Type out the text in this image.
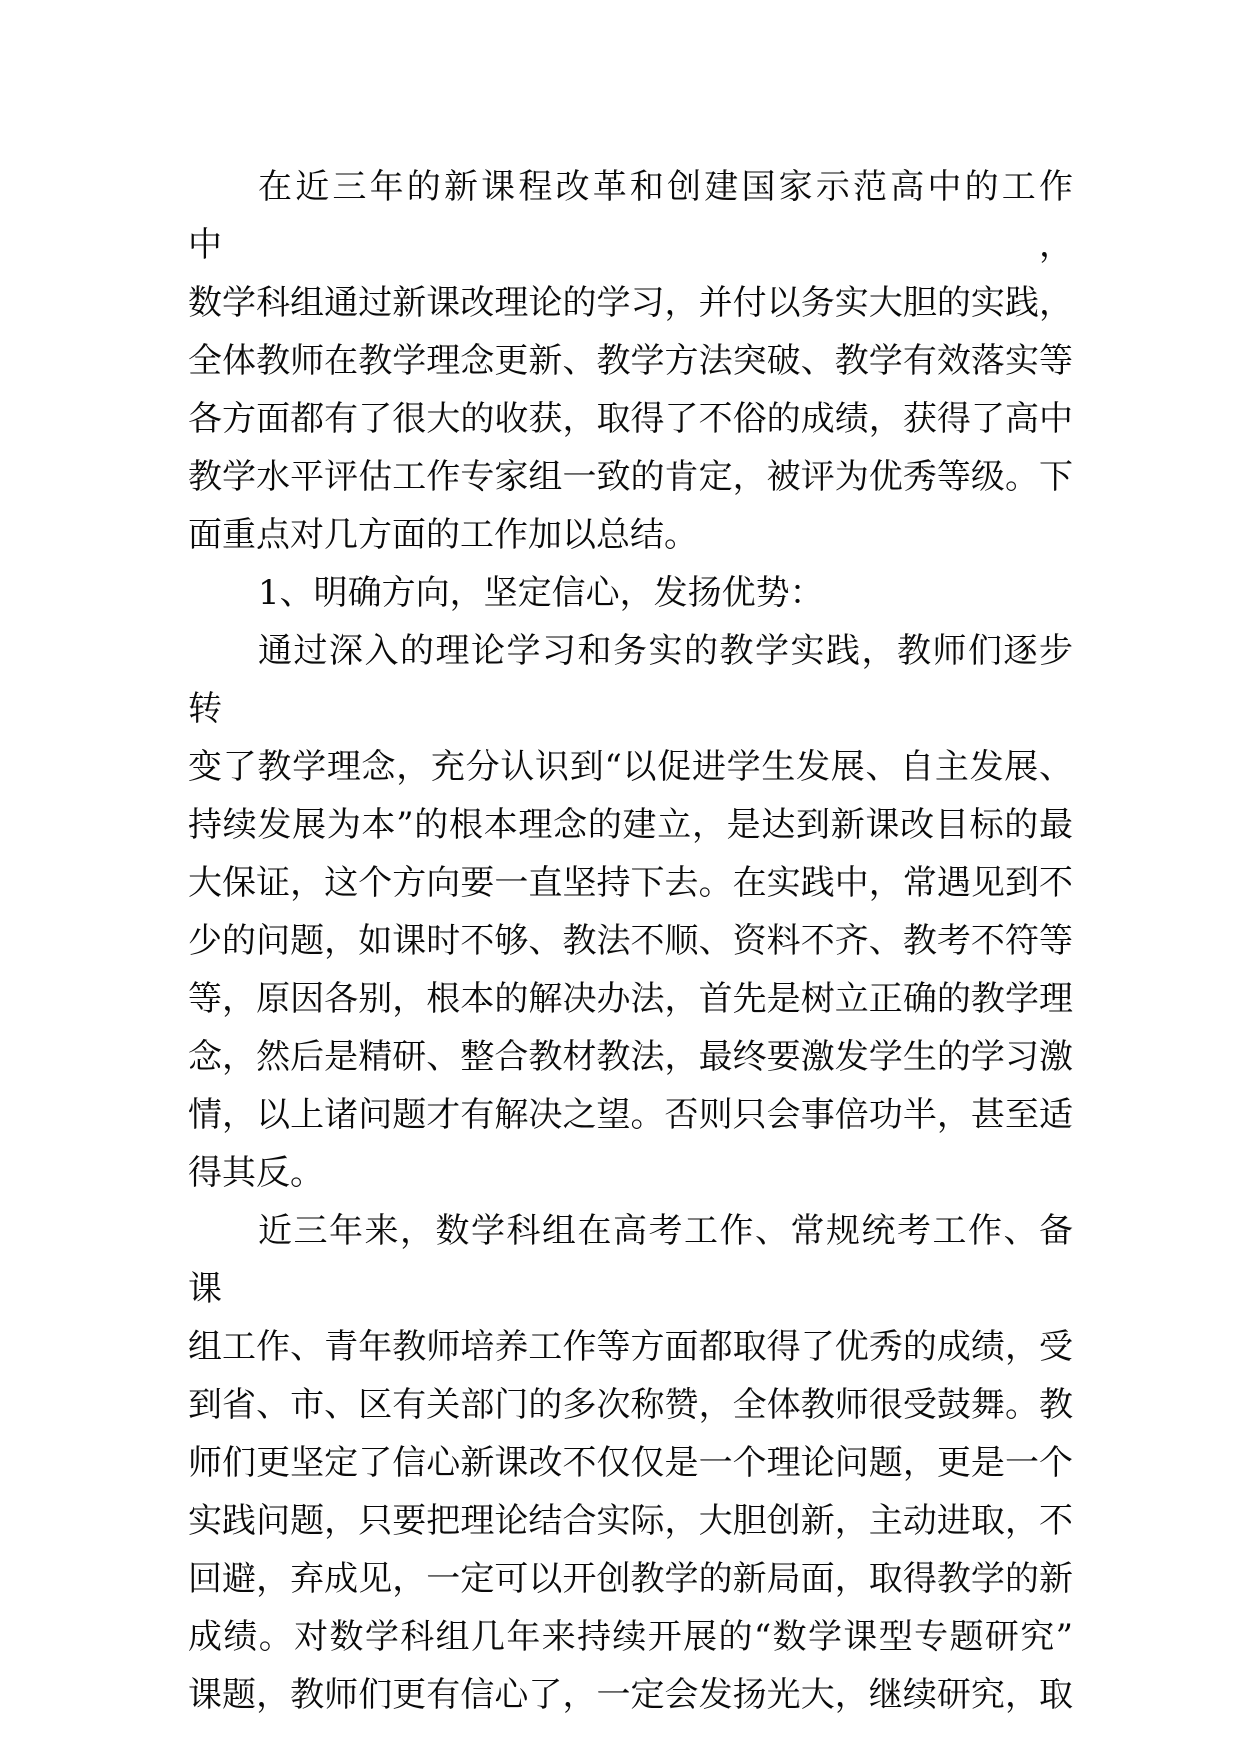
在近三年的新课程改革和创建国家示范高中的工作中，
数学科组通过新课改理论的学习，并付以务实大胆的实践，
全体教师在教学理念更新、教学方法突破、教学有效落实等
各方面都有了很大的收获，取得了不俗的成绩，获得了高中
教学水平评估工作专家组一致的肯定，被评为优秀等级。下
面重点对几方面的工作加以总结。
1、明确方向，坚定信心，发扬优势：
通过深入的理论学习和务实的教学实践，教师们逐步转
变了教学理念，充分认识到“以促进学生发展、自主发展、
持续发展为本”的根本理念的建立，是达到新课改目标的最
大保证，这个方向要一直坚持下去。在实践中，常遇见到不
少的问题，如课时不够、教法不顺、资料不齐、教考不符等
等，原因各别，根本的解决办法，首先是树立正确的教学理
念，然后是精研、整合教材教法，最终要激发学生的学习激
情，以上诸问题才有解决之望。否则只会事倍功半，甚至适
得其反。
近三年来，数学科组在高考工作、常规统考工作、备课
组工作、青年教师培养工作等方面都取得了优秀的成绩，受
到省、市、区有关部门的多次称赞，全体教师很受鼓舞。教
师们更坚定了信心新课改不仅仅是一个理论问题，更是一个
实践问题，只要把理论结合实际，大胆创新，主动进取，不
回避，弃成见，一定可以开创教学的新局面，取得教学的新
成绩。对数学科组几年来持续开展的“数学课型专题研究”
课题，教师们更有信心了，一定会发扬光大，继续研究，取
